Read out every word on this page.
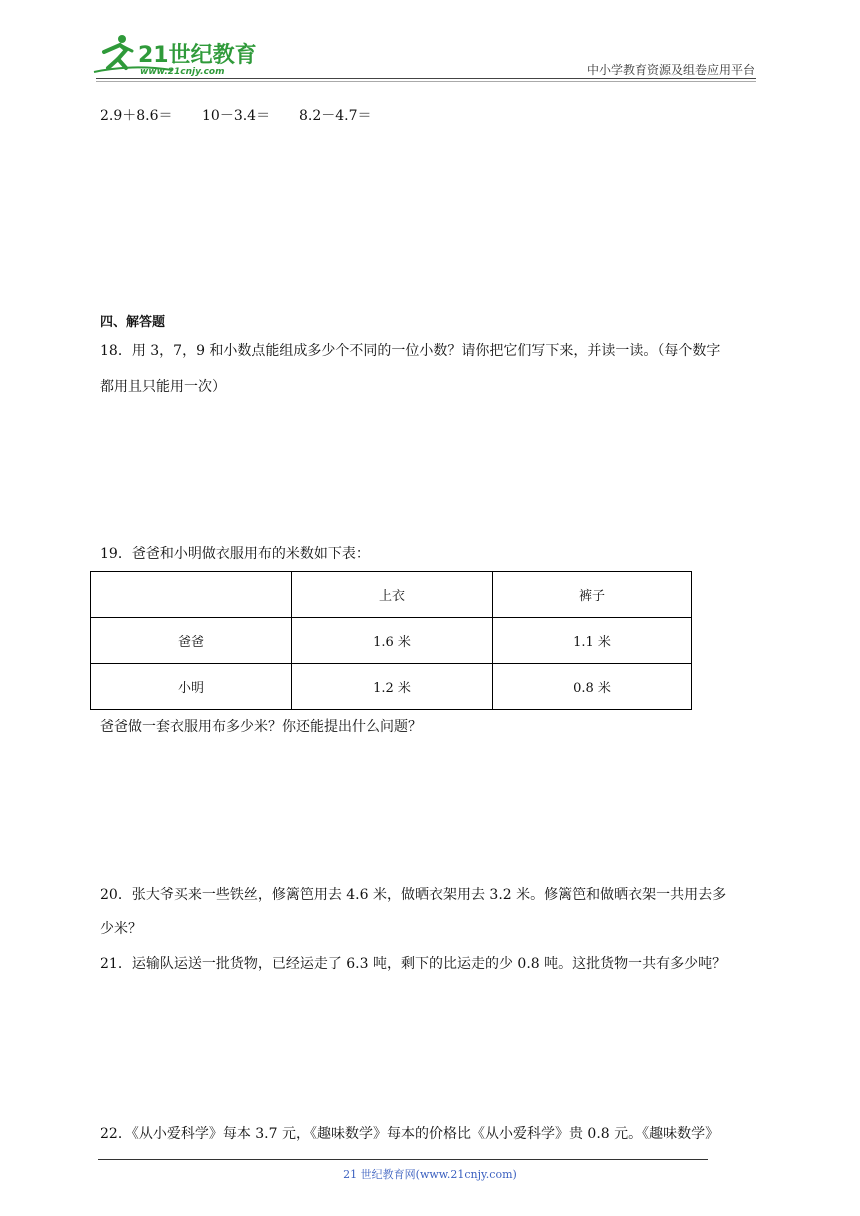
21世纪教育
www.21cnjy.com	中小学教育资源及组卷应用平台
2.9＋8.6＝ 10－3.4＝ 8.2－4.7＝
四、解答题
18．用 3，7，9 和小数点能组成多少个不同的一位小数？请你把它们写下来，并读一读。（每个数字
都用且只能用一次）
19．爸爸和小明做衣服用布的米数如下表：
	上衣	裤子
爸爸	1.6 米	1.1 米
小明	1.2 米	0.8 米
爸爸做一套衣服用布多少米？你还能提出什么问题？
20．张大爷买来一些铁丝，修篱笆用去 4.6 米，做晒衣架用去 3.2 米。修篱笆和做晒衣架一共用去多
少米？
21．运输队运送一批货物，已经运走了 6.3 吨，剩下的比运走的少 0.8 吨。这批货物一共有多少吨？
22．《从小爱科学》每本 3.7 元，《趣味数学》每本的价格比《从小爱科学》贵 0.8 元。《趣味数学》
21 世纪教育网(www.21cnjy.com)
